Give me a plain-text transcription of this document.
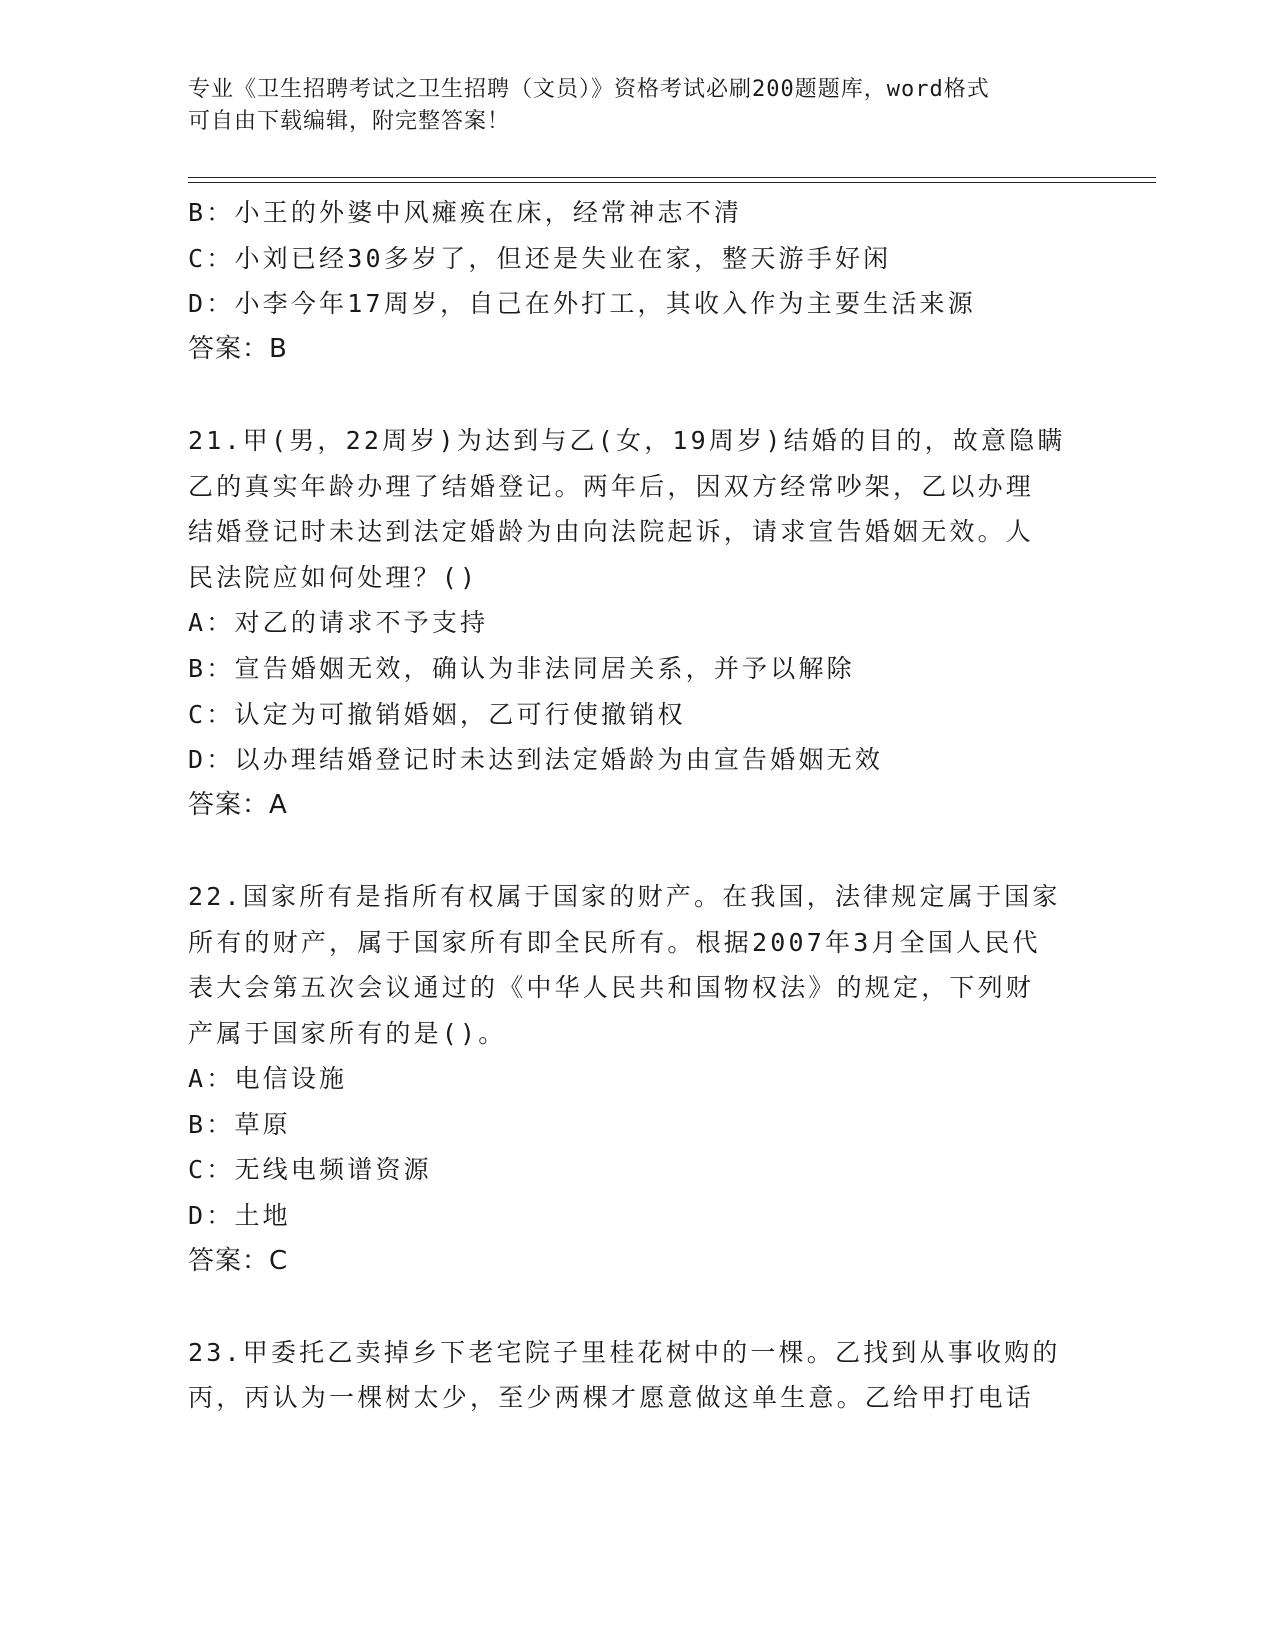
专业《卫生招聘考试之卫生招聘（文员）》资格考试必刷200题题库，word格式
可自由下载编辑，附完整答案！
B：小王的外婆中风瘫痪在床，经常神志不清
C：小刘已经30多岁了，但还是失业在家，整天游手好闲
D：小李今年17周岁，自己在外打工，其收入作为主要生活来源
答案：B
21.甲(男，22周岁)为达到与乙(女，19周岁)结婚的目的，故意隐瞒
乙的真实年龄办理了结婚登记。两年后，因双方经常吵架，乙以办理
结婚登记时未达到法定婚龄为由向法院起诉，请求宣告婚姻无效。人
民法院应如何处理？()
A：对乙的请求不予支持
B：宣告婚姻无效，确认为非法同居关系，并予以解除
C：认定为可撤销婚姻，乙可行使撤销权
D：以办理结婚登记时未达到法定婚龄为由宣告婚姻无效
答案：A
22.国家所有是指所有权属于国家的财产。在我国，法律规定属于国家
所有的财产，属于国家所有即全民所有。根据2007年3月全国人民代
表大会第五次会议通过的《中华人民共和国物权法》的规定，下列财
产属于国家所有的是()。
A：电信设施
B：草原
C：无线电频谱资源
D：土地
答案：C
23.甲委托乙卖掉乡下老宅院子里桂花树中的一棵。乙找到从事收购的
丙，丙认为一棵树太少，至少两棵才愿意做这单生意。乙给甲打电话
